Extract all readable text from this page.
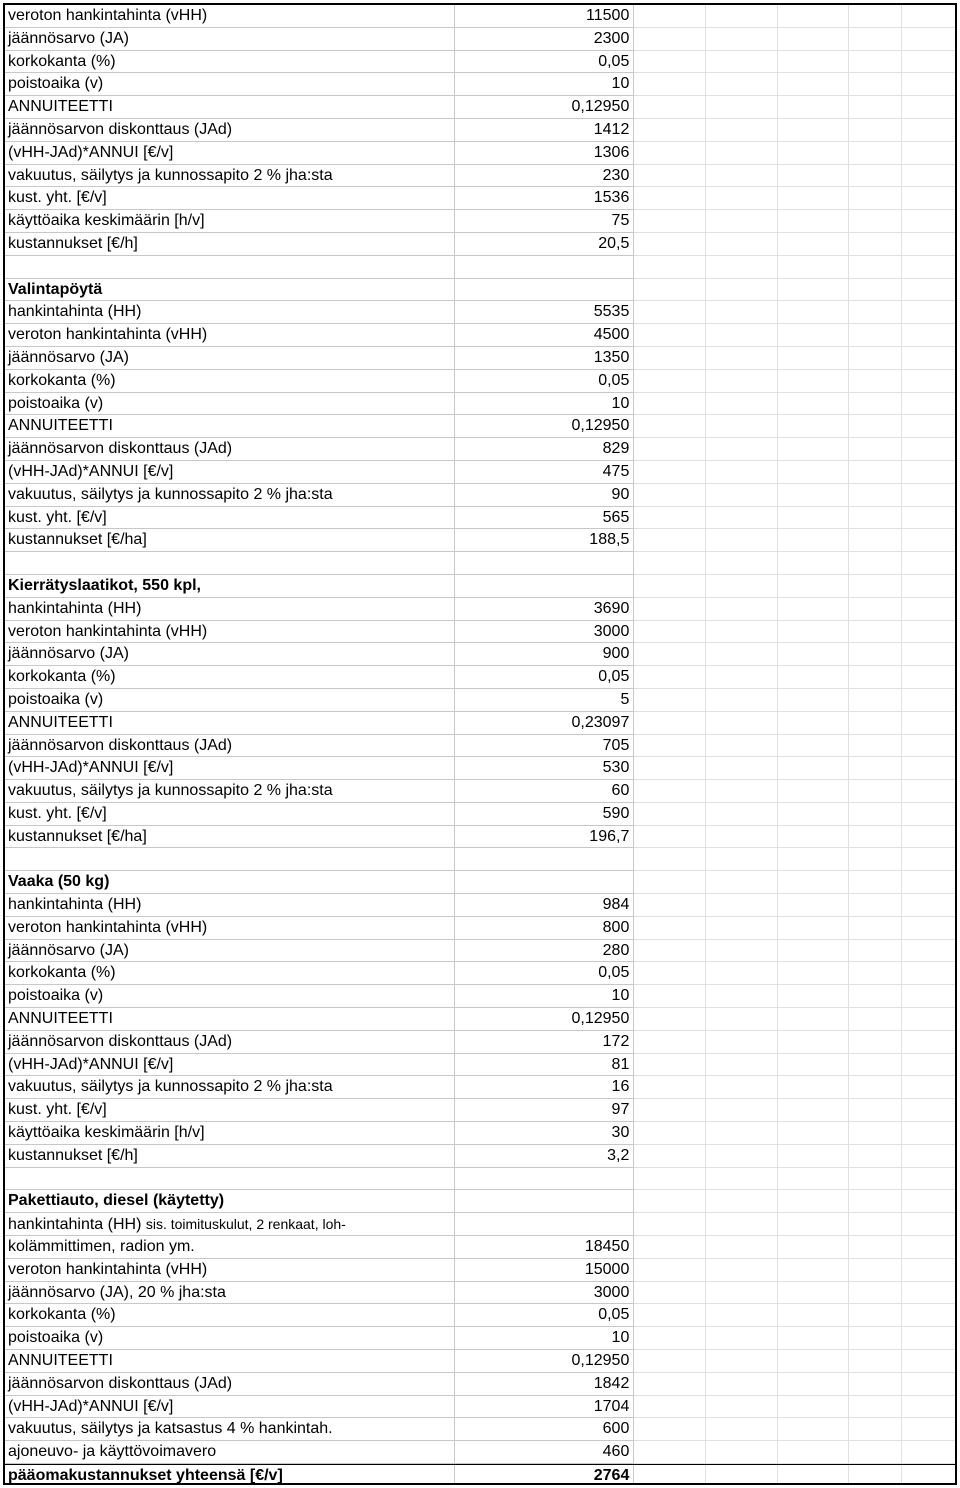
veroton hankintahinta (vHH)	11500
jäännösarvo (JA)	2300
korkokanta (%)	0,05
poistoaika (v)	10
ANNUITEETTI	0,12950
jäännösarvon diskonttaus (JAd)	1412
(vHH-JAd)*ANNUI [€/v]	1306
vakuutus, säilytys ja kunnossapito 2 % jha:sta	230
kust. yht. [€/v]	1536
käyttöaika keskimäärin [h/v]	75
kustannukset [€/h]	20,5
Valintapöytä
hankintahinta (HH)	5535
veroton hankintahinta (vHH)	4500
jäännösarvo (JA)	1350
korkokanta (%)	0,05
poistoaika (v)	10
ANNUITEETTI	0,12950
jäännösarvon diskonttaus (JAd)	829
(vHH-JAd)*ANNUI [€/v]	475
vakuutus, säilytys ja kunnossapito 2 % jha:sta	90
kust. yht. [€/v]	565
kustannukset [€/ha]	188,5
Kierrätyslaatikot, 550 kpl,
hankintahinta (HH)	3690
veroton hankintahinta (vHH)	3000
jäännösarvo (JA)	900
korkokanta (%)	0,05
poistoaika (v)	5
ANNUITEETTI	0,23097
jäännösarvon diskonttaus (JAd)	705
(vHH-JAd)*ANNUI [€/v]	530
vakuutus, säilytys ja kunnossapito 2 % jha:sta	60
kust. yht. [€/v]	590
kustannukset [€/ha]	196,7
Vaaka (50 kg)
hankintahinta (HH)	984
veroton hankintahinta (vHH)	800
jäännösarvo (JA)	280
korkokanta (%)	0,05
poistoaika (v)	10
ANNUITEETTI	0,12950
jäännösarvon diskonttaus (JAd)	172
(vHH-JAd)*ANNUI [€/v]	81
vakuutus, säilytys ja kunnossapito 2 % jha:sta	16
kust. yht. [€/v]	97
käyttöaika keskimäärin [h/v]	30
kustannukset [€/h]	3,2
Pakettiauto, diesel (käytetty)
hankintahinta (HH) sis. toimituskulut, 2 renkaat, loh-
kolämmittimen, radion ym.	18450
veroton hankintahinta (vHH)	15000
jäännösarvo (JA), 20 % jha:sta	3000
korkokanta (%)	0,05
poistoaika (v)	10
ANNUITEETTI	0,12950
jäännösarvon diskonttaus (JAd)	1842
(vHH-JAd)*ANNUI [€/v]	1704
vakuutus, säilytys ja katsastus 4 % hankintah.	600
ajoneuvo- ja käyttövoimavero	460
pääomakustannukset yhteensä [€/v]	2764
